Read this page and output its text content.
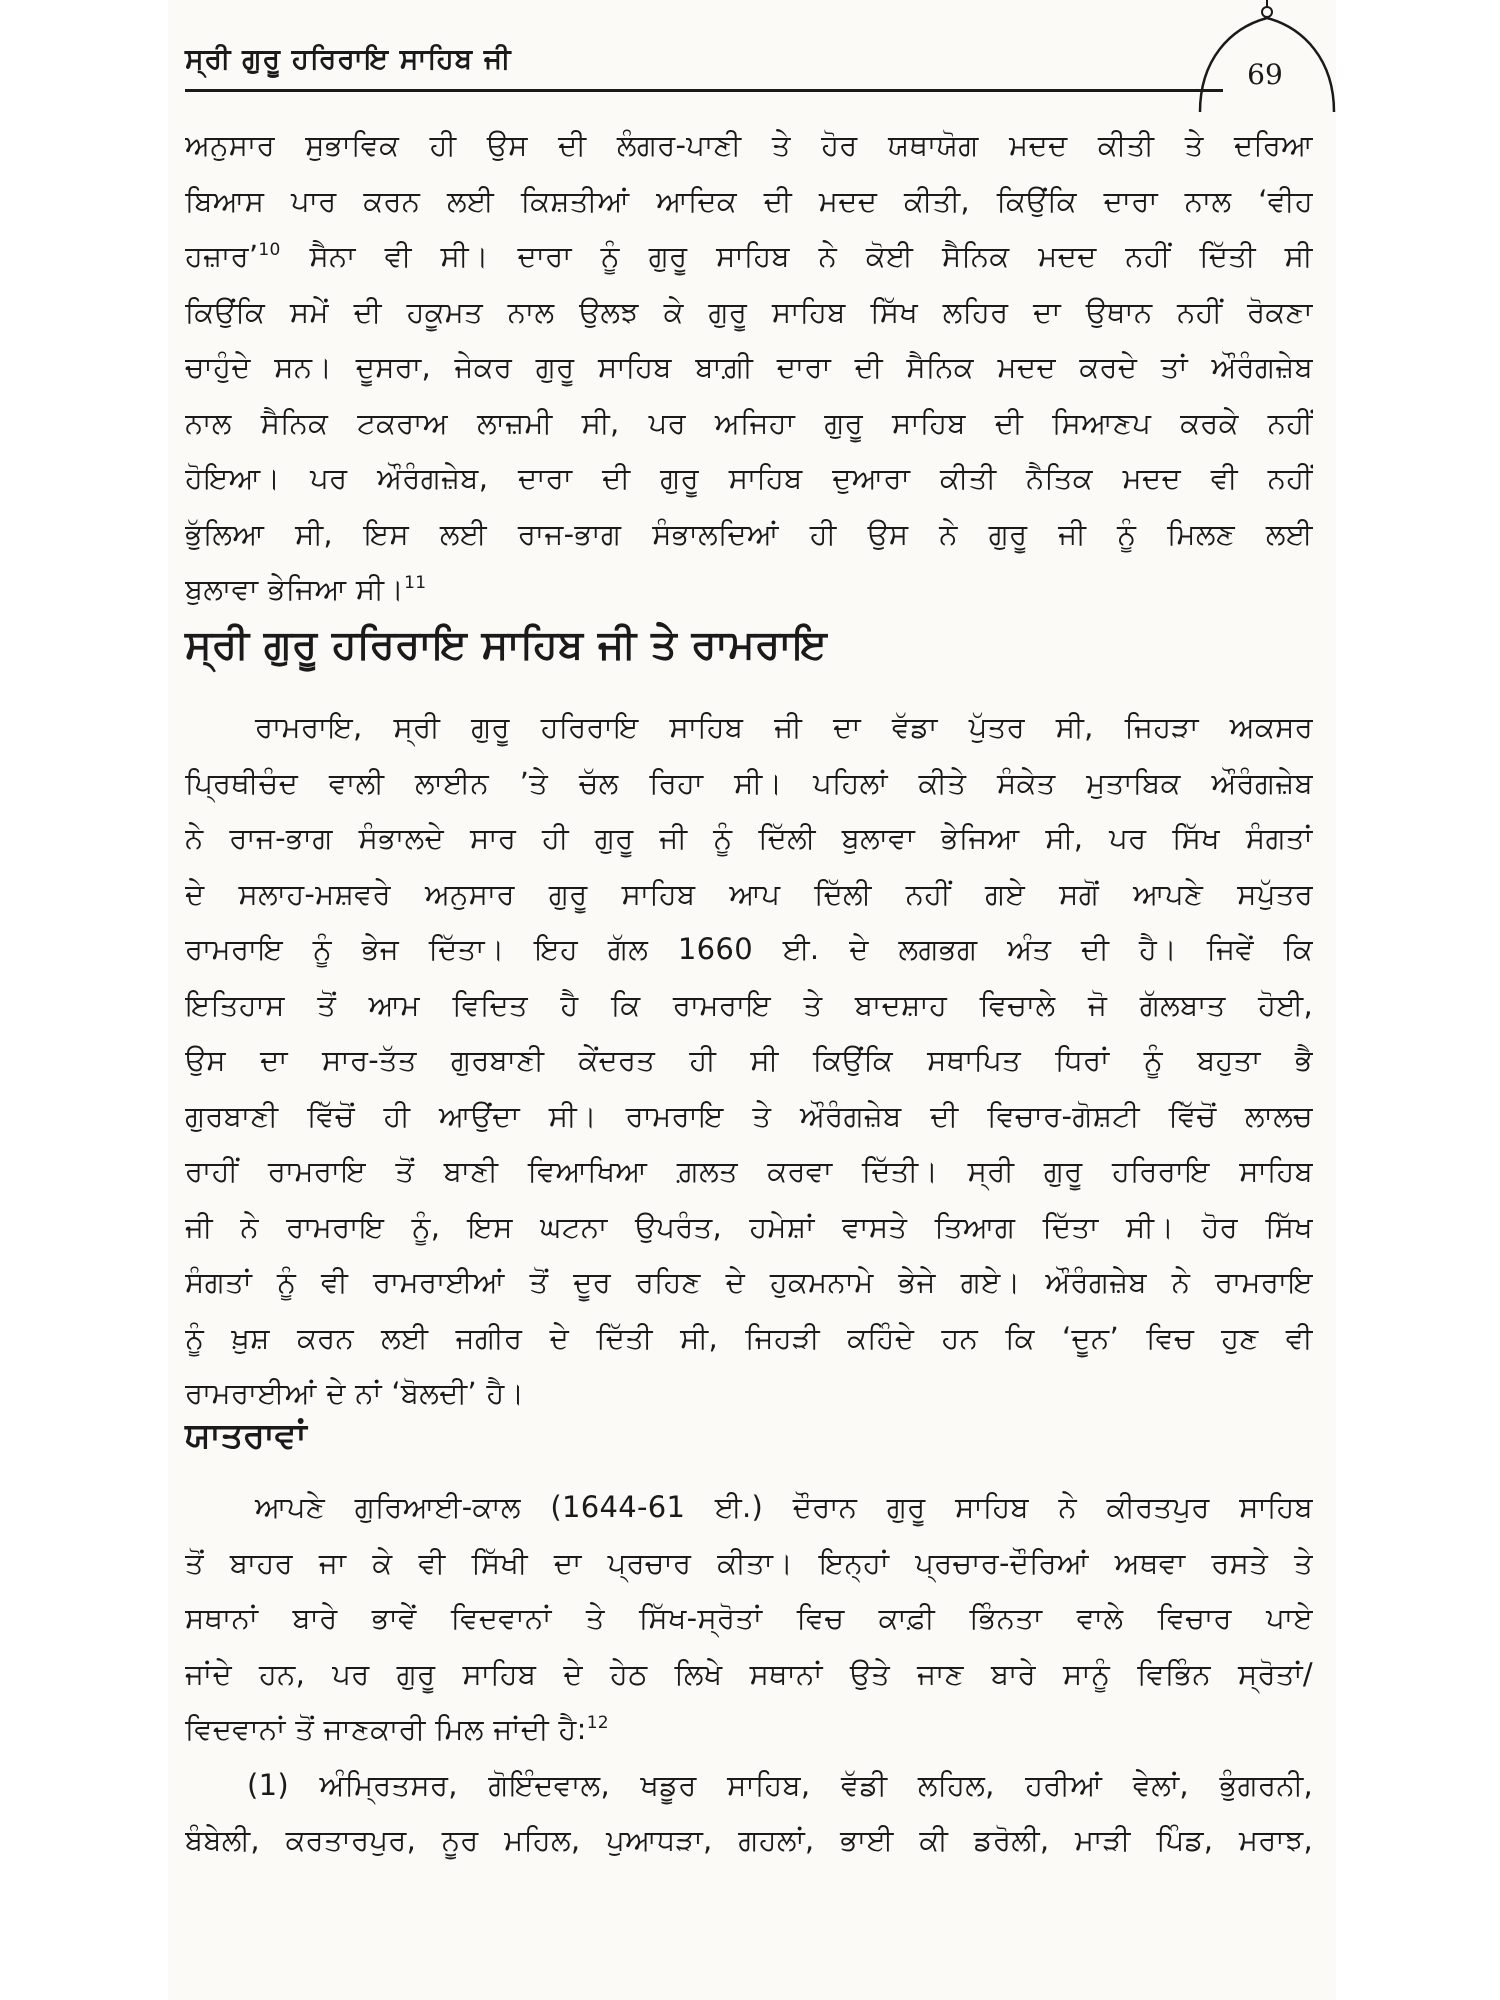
ਸ੍ਰੀ ਗੁਰੂ ਹਰਿਰਾਇ ਸਾਹਿਬ ਜੀ	69
ਅਨੁਸਾਰ ਸੁਭਾਵਿਕ ਹੀ ਉਸ ਦੀ ਲੰਗਰ-ਪਾਣੀ ਤੇ ਹੋਰ ਯਥਾਯੋਗ ਮਦਦ ਕੀਤੀ ਤੇ ਦਰਿਆ
ਬਿਆਸ ਪਾਰ ਕਰਨ ਲਈ ਕਿਸ਼ਤੀਆਂ ਆਦਿਕ ਦੀ ਮਦਦ ਕੀਤੀ, ਕਿਉਂਕਿ ਦਾਰਾ ਨਾਲ ‘ਵੀਹ
ਹਜ਼ਾਰ’$^{10}$ ਸੈਨਾ ਵੀ ਸੀ। ਦਾਰਾ ਨੂੰ ਗੁਰੂ ਸਾਹਿਬ ਨੇ ਕੋਈ ਸੈਨਿਕ ਮਦਦ ਨਹੀਂ ਦਿੱਤੀ ਸੀ
ਕਿਉਂਕਿ ਸਮੇਂ ਦੀ ਹਕੂਮਤ ਨਾਲ ਉਲਝ ਕੇ ਗੁਰੂ ਸਾਹਿਬ ਸਿੱਖ ਲਹਿਰ ਦਾ ਉਥਾਨ ਨਹੀਂ ਰੋਕਣਾ
ਚਾਹੁੰਦੇ ਸਨ। ਦੂਸਰਾ, ਜੇਕਰ ਗੁਰੂ ਸਾਹਿਬ ਬਾਗ਼ੀ ਦਾਰਾ ਦੀ ਸੈਨਿਕ ਮਦਦ ਕਰਦੇ ਤਾਂ ਔਰੰਗਜ਼ੇਬ
ਨਾਲ ਸੈਨਿਕ ਟਕਰਾਅ ਲਾਜ਼ਮੀ ਸੀ, ਪਰ ਅਜਿਹਾ ਗੁਰੂ ਸਾਹਿਬ ਦੀ ਸਿਆਣਪ ਕਰਕੇ ਨਹੀਂ
ਹੋਇਆ। ਪਰ ਔਰੰਗਜ਼ੇਬ, ਦਾਰਾ ਦੀ ਗੁਰੂ ਸਾਹਿਬ ਦੁਆਰਾ ਕੀਤੀ ਨੈਤਿਕ ਮਦਦ ਵੀ ਨਹੀਂ
ਭੁੱਲਿਆ ਸੀ, ਇਸ ਲਈ ਰਾਜ-ਭਾਗ ਸੰਭਾਲਦਿਆਂ ਹੀ ਉਸ ਨੇ ਗੁਰੂ ਜੀ ਨੂੰ ਮਿਲਣ ਲਈ
ਬੁਲਾਵਾ ਭੇਜਿਆ ਸੀ।$^{11}$
ਸ੍ਰੀ ਗੁਰੂ ਹਰਿਰਾਇ ਸਾਹਿਬ ਜੀ ਤੇ ਰਾਮਰਾਇ
ਰਾਮਰਾਇ, ਸ੍ਰੀ ਗੁਰੂ ਹਰਿਰਾਇ ਸਾਹਿਬ ਜੀ ਦਾ ਵੱਡਾ ਪੁੱਤਰ ਸੀ, ਜਿਹੜਾ ਅਕਸਰ
ਪ੍ਰਿਥੀਚੰਦ ਵਾਲੀ ਲਾਈਨ ’ਤੇ ਚੱਲ ਰਿਹਾ ਸੀ। ਪਹਿਲਾਂ ਕੀਤੇ ਸੰਕੇਤ ਮੁਤਾਬਿਕ ਔਰੰਗਜ਼ੇਬ
ਨੇ ਰਾਜ-ਭਾਗ ਸੰਭਾਲਦੇ ਸਾਰ ਹੀ ਗੁਰੂ ਜੀ ਨੂੰ ਦਿੱਲੀ ਬੁਲਾਵਾ ਭੇਜਿਆ ਸੀ, ਪਰ ਸਿੱਖ ਸੰਗਤਾਂ
ਦੇ ਸਲਾਹ-ਮਸ਼ਵਰੇ ਅਨੁਸਾਰ ਗੁਰੂ ਸਾਹਿਬ ਆਪ ਦਿੱਲੀ ਨਹੀਂ ਗਏ ਸਗੋਂ ਆਪਣੇ ਸਪੁੱਤਰ
ਰਾਮਰਾਇ ਨੂੰ ਭੇਜ ਦਿੱਤਾ। ਇਹ ਗੱਲ 1660 ਈ. ਦੇ ਲਗਭਗ ਅੰਤ ਦੀ ਹੈ। ਜਿਵੇਂ ਕਿ
ਇਤਿਹਾਸ ਤੋਂ ਆਮ ਵਿਦਿਤ ਹੈ ਕਿ ਰਾਮਰਾਇ ਤੇ ਬਾਦਸ਼ਾਹ ਵਿਚਾਲੇ ਜੋ ਗੱਲਬਾਤ ਹੋਈ,
ਉਸ ਦਾ ਸਾਰ-ਤੱਤ ਗੁਰਬਾਣੀ ਕੇਂਦਰਤ ਹੀ ਸੀ ਕਿਉਂਕਿ ਸਥਾਪਿਤ ਧਿਰਾਂ ਨੂੰ ਬਹੁਤਾ ਭੈ
ਗੁਰਬਾਣੀ ਵਿੱਚੋਂ ਹੀ ਆਉਂਦਾ ਸੀ। ਰਾਮਰਾਇ ਤੇ ਔਰੰਗਜ਼ੇਬ ਦੀ ਵਿਚਾਰ-ਗੋਸ਼ਟੀ ਵਿੱਚੋਂ ਲਾਲਚ
ਰਾਹੀਂ ਰਾਮਰਾਇ ਤੋਂ ਬਾਣੀ ਵਿਆਖਿਆ ਗ਼ਲਤ ਕਰਵਾ ਦਿੱਤੀ। ਸ੍ਰੀ ਗੁਰੂ ਹਰਿਰਾਇ ਸਾਹਿਬ
ਜੀ ਨੇ ਰਾਮਰਾਇ ਨੂੰ, ਇਸ ਘਟਨਾ ਉਪਰੰਤ, ਹਮੇਸ਼ਾਂ ਵਾਸਤੇ ਤਿਆਗ ਦਿੱਤਾ ਸੀ। ਹੋਰ ਸਿੱਖ
ਸੰਗਤਾਂ ਨੂੰ ਵੀ ਰਾਮਰਾਈਆਂ ਤੋਂ ਦੂਰ ਰਹਿਣ ਦੇ ਹੁਕਮਨਾਮੇ ਭੇਜੇ ਗਏ। ਔਰੰਗਜ਼ੇਬ ਨੇ ਰਾਮਰਾਇ
ਨੂੰ ਖ਼ੁਸ਼ ਕਰਨ ਲਈ ਜਗੀਰ ਦੇ ਦਿੱਤੀ ਸੀ, ਜਿਹੜੀ ਕਹਿੰਦੇ ਹਨ ਕਿ ‘ਦੂਨ’ ਵਿਚ ਹੁਣ ਵੀ
ਰਾਮਰਾਈਆਂ ਦੇ ਨਾਂ ‘ਬੋਲਦੀ’ ਹੈ।
ਯਾਤਰਾਵਾਂ
ਆਪਣੇ ਗੁਰਿਆਈ-ਕਾਲ (1644-61 ਈ.) ਦੌਰਾਨ ਗੁਰੂ ਸਾਹਿਬ ਨੇ ਕੀਰਤਪੁਰ ਸਾਹਿਬ
ਤੋਂ ਬਾਹਰ ਜਾ ਕੇ ਵੀ ਸਿੱਖੀ ਦਾ ਪ੍ਰਚਾਰ ਕੀਤਾ। ਇਨ੍ਹਾਂ ਪ੍ਰਚਾਰ-ਦੌਰਿਆਂ ਅਥਵਾ ਰਸਤੇ ਤੇ
ਸਥਾਨਾਂ ਬਾਰੇ ਭਾਵੇਂ ਵਿਦਵਾਨਾਂ ਤੇ ਸਿੱਖ-ਸ੍ਰੋਤਾਂ ਵਿਚ ਕਾਫ਼ੀ ਭਿੰਨਤਾ ਵਾਲੇ ਵਿਚਾਰ ਪਾਏ
ਜਾਂਦੇ ਹਨ, ਪਰ ਗੁਰੂ ਸਾਹਿਬ ਦੇ ਹੇਠ ਲਿਖੇ ਸਥਾਨਾਂ ਉਤੇ ਜਾਣ ਬਾਰੇ ਸਾਨੂੰ ਵਿਭਿੰਨ ਸ੍ਰੋਤਾਂ/
ਵਿਦਵਾਨਾਂ ਤੋਂ ਜਾਣਕਾਰੀ ਮਿਲ ਜਾਂਦੀ ਹੈ:$^{12}$
(1) ਅੰਮ੍ਰਿਤਸਰ, ਗੋਇੰਦਵਾਲ, ਖਡੂਰ ਸਾਹਿਬ, ਵੱਡੀ ਲਹਿਲ, ਹਰੀਆਂ ਵੇਲਾਂ, ਭੁੰਗਰਨੀ,
ਬੰਬੇਲੀ, ਕਰਤਾਰਪੁਰ, ਨੂਰ ਮਹਿਲ, ਪੁਆਧੜਾ, ਗਹਲਾਂ, ਭਾਈ ਕੀ ਡਰੋਲੀ, ਮਾੜੀ ਪਿੰਡ, ਮਰਾਝ,
